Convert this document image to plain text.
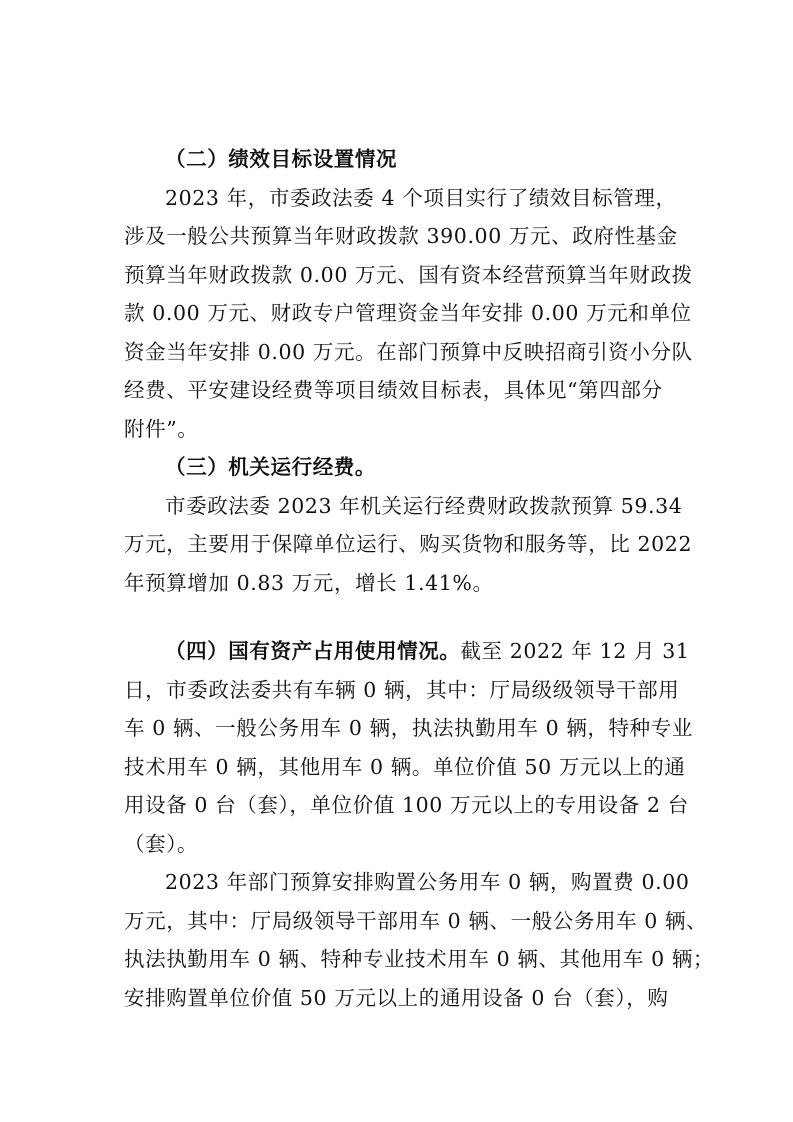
（二）绩效目标设置情况
2023 年，市委政法委 4 个项目实行了绩效目标管理，
涉及一般公共预算当年财政拨款 390.00 万元、政府性基金
预算当年财政拨款 0.00 万元、国有资本经营预算当年财政拨
款 0.00 万元、财政专户管理资金当年安排 0.00 万元和单位
资金当年安排 0.00 万元。在部门预算中反映招商引资小分队
经费、平安建设经费等项目绩效目标表，具体见“第四部分
附件”。
（三）机关运行经费。
市委政法委 2023 年机关运行经费财政拨款预算 59.34
万元，主要用于保障单位运行、购买货物和服务等，比 2022
年预算增加 0.83 万元，增长 1.41%。
（四）国有资产占用使用情况。截至 2022 年 12 月 31
日，市委政法委共有车辆 0 辆，其中：厅局级级领导干部用
车 0 辆、一般公务用车 0 辆，执法执勤用车 0 辆，特种专业
技术用车 0 辆，其他用车 0 辆。单位价值 50 万元以上的通
用设备 0 台（套），单位价值 100 万元以上的专用设备 2 台
（套）。
2023 年部门预算安排购置公务用车 0 辆，购置费 0.00
万元，其中：厅局级领导干部用车 0 辆、一般公务用车 0 辆、
执法执勤用车 0 辆、特种专业技术用车 0 辆、其他用车 0 辆；
安排购置单位价值 50 万元以上的通用设备 0 台（套），购
